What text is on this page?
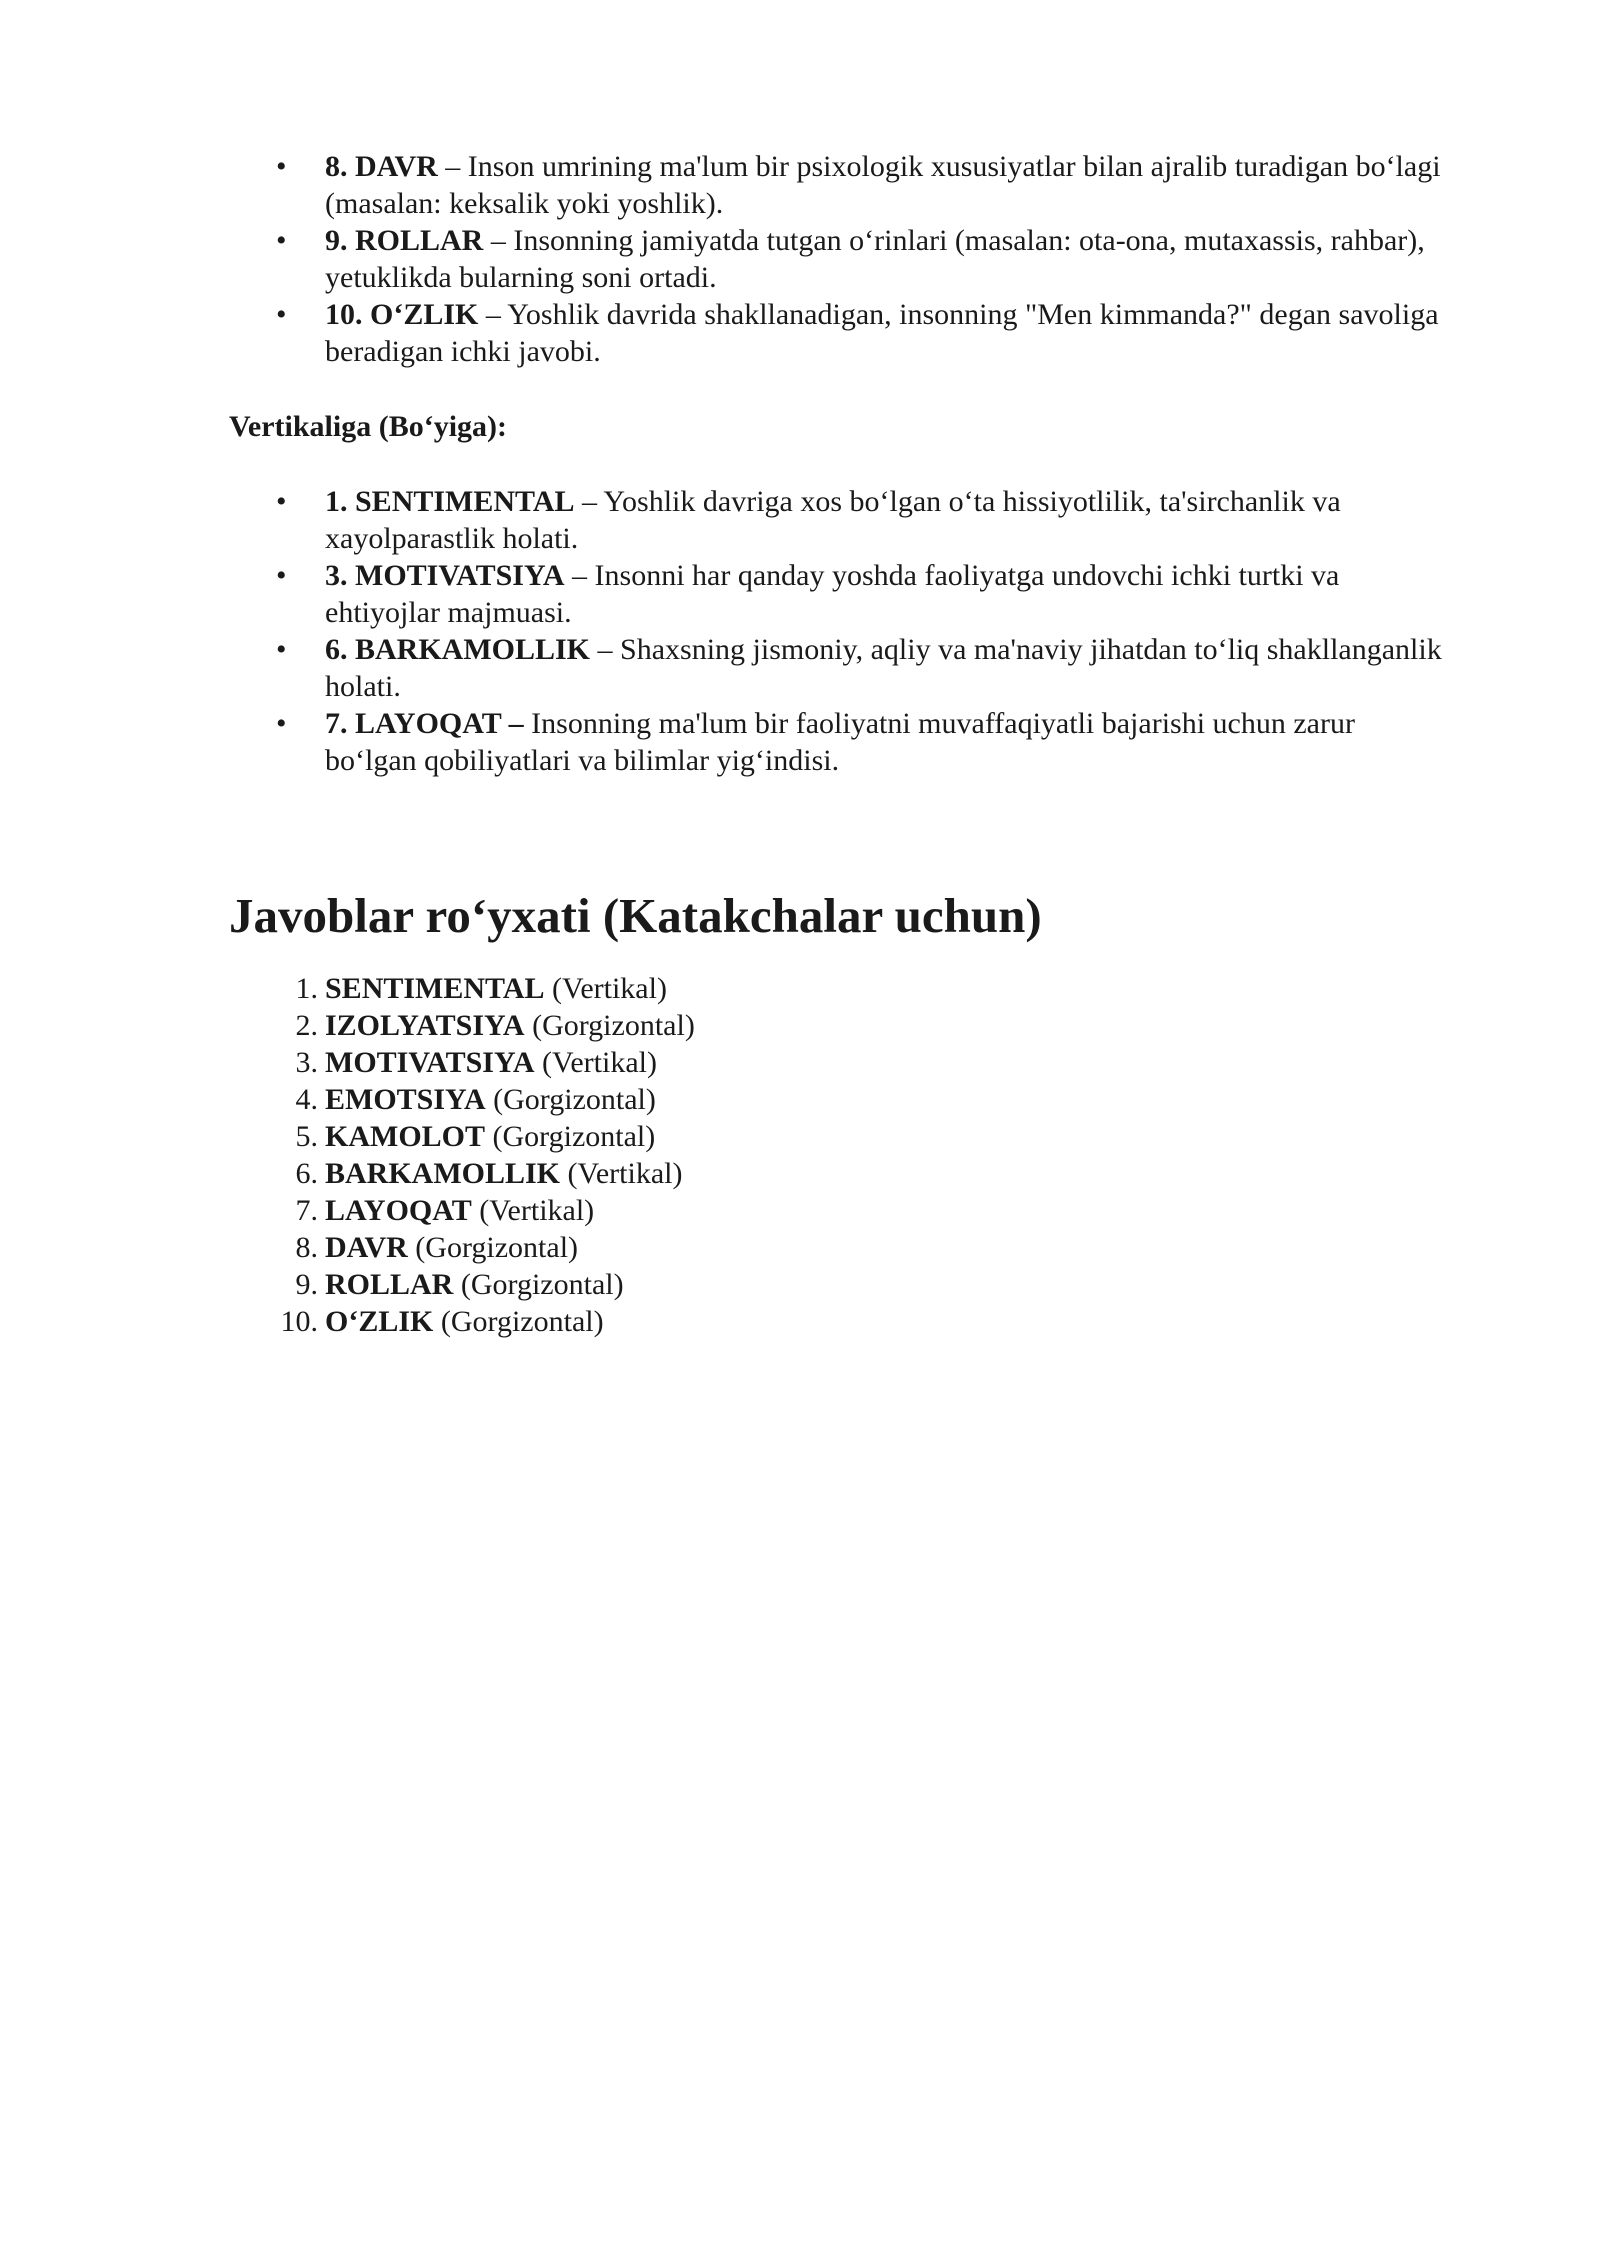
• 8. DAVR – Inson umrining ma'lum bir psixologik xususiyatlar bilan ajralib turadigan bo‘lagi (masalan: keksalik yoki yoshlik).
• 9. ROLLAR – Insonning jamiyatda tutgan o‘rinlari (masalan: ota-ona, mutaxassis, rahbar), yetuklikda bularning soni ortadi.
• 10. O‘ZLIK – Yoshlik davrida shakllanadigan, insonning "Men kimmanda?" degan savoliga beradigan ichki javobi.
Vertikaliga (Bo‘yiga):
• 1. SENTIMENTAL – Yoshlik davriga xos bo‘lgan o‘ta hissiyotlilik, ta'sirchanlik va xayolparastlik holati.
• 3. MOTIVATSIYA – Insonni har qanday yoshda faoliyatga undovchi ichki turtki va ehtiyojlar majmuasi.
• 6. BARKAMOLLIK – Shaxsning jismoniy, aqliy va ma'naviy jihatdan to‘liq shakllanganlik holati.
• 7. LAYOQAT – Insonning ma'lum bir faoliyatni muvaffaqiyatli bajarishi uchun zarur bo‘lgan qobiliyatlari va bilimlar yig‘indisi.
Javoblar ro‘yxati (Katakchalar uchun)
1. SENTIMENTAL (Vertikal)
2. IZOLYATSIYA (Gorgizontal)
3. MOTIVATSIYA (Vertikal)
4. EMOTSIYA (Gorgizontal)
5. KAMOLOT (Gorgizontal)
6. BARKAMOLLIK (Vertikal)
7. LAYOQAT (Vertikal)
8. DAVR (Gorgizontal)
9. ROLLAR (Gorgizontal)
10. O‘ZLIK (Gorgizontal)
